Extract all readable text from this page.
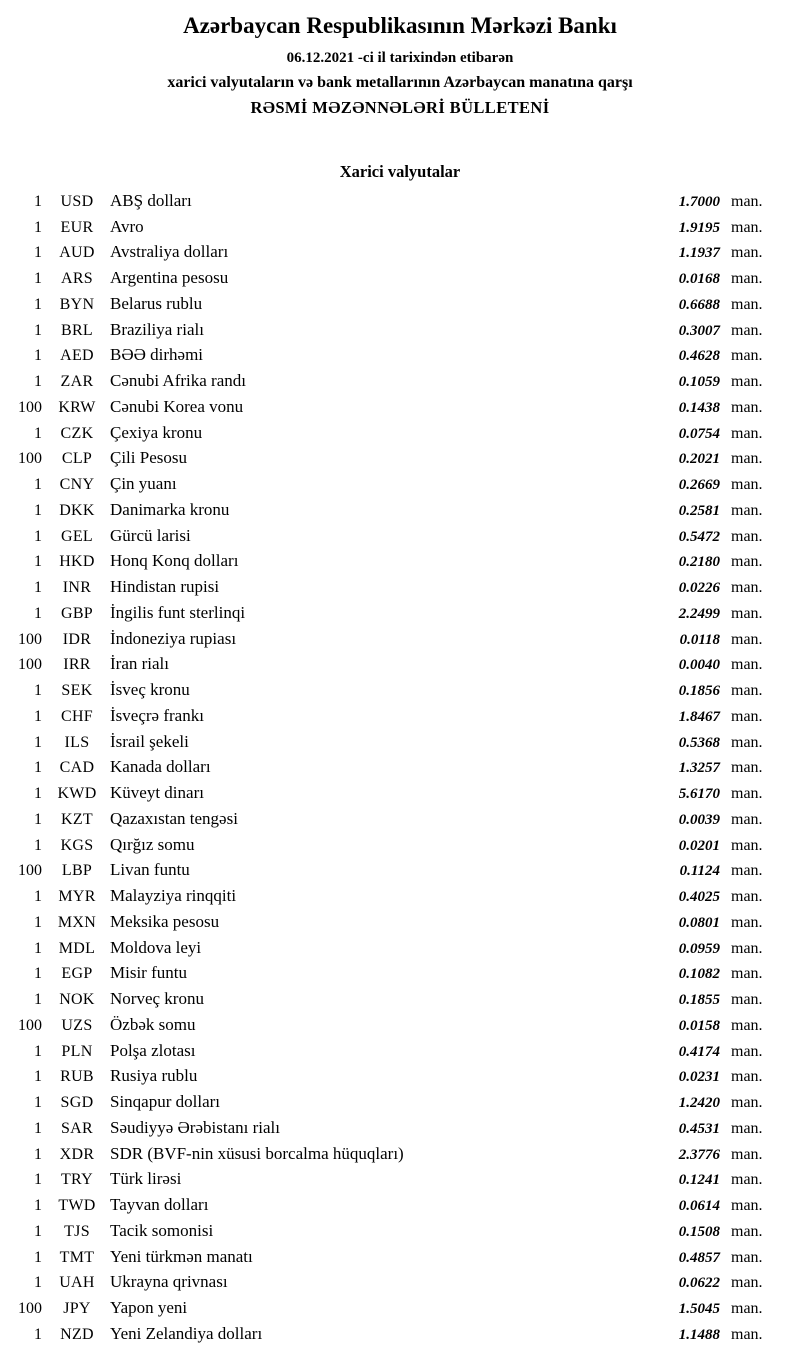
Azərbaycan Respublikasının Mərkəzi Bankı
06.12.2021 -ci il tarixindən etibarən
xarici valyutaların və bank metallarının Azərbaycan manatına qarşı
RƏSMİ MƏZƏNNƏLƏRİ BÜLLETENİ
Xarici valyutalar
1	USD ABŞ dolları	1.7000 man.
1	EUR Avro	1.9195 man.
1	AUD Avstraliya dolları	1.1937 man.
1	ARS Argentina pesosu	0.0168 man.
1	BYN Belarus rublu	0.6688 man.
1	BRL Braziliya rialı	0.3007 man.
1	AED BƏƏ dirhəmi	0.4628 man.
1	ZAR Cənubi Afrika randı	0.1059 man.
100	KRW Cənubi Korea vonu	0.1438 man.
1	CZK Çexiya kronu	0.0754 man.
100	CLP	Çili Pesosu	0.2021 man.
1	CNY Çin yuanı	0.2669 man.
1	DKK Danimarka kronu	0.2581 man.
1	GEL	Gürcü larisi	0.5472 man.
1	HKD Honq Konq dolları	0.2180 man.
1	INR	Hindistan rupisi	0.0226 man.
1	GBP İngilis funt sterlinqi	2.2499 man.
100	IDR	İndoneziya rupiası	0.0118 man.
100	IRR	İran rialı	0.0040 man.
1	SEK	İsveç kronu	0.1856 man.
1	CHF İsveçrə frankı	1.8467 man.
1	ILS	İsrail şekeli	0.5368 man.
1	CAD Kanada dolları	1.3257 man.
1 KWD Küveyt dinarı	5.6170 man.
1	KZT	Qazaxıstan tengəsi	0.0039 man.
1	KGS Qırğız somu	0.0201 man.
100	LBP	Livan funtu	0.1124 man.
1	MYR Malayziya rinqqiti	0.4025 man.
1 MXN Meksika pesosu	0.0801 man.
1	MDL Moldova leyi	0.0959 man.
1	EGP	Misir funtu	0.1082 man.
1	NOK Norveç kronu	0.1855 man.
100	UZS	Özbək somu	0.0158 man.
1	PLN	Polşa zlotası	0.4174 man.
1	RUB Rusiya rublu	0.0231 man.
1	SGD Sinqapur dolları	1.2420 man.
1	SAR Səudiyyə Ərəbistanı rialı	0.4531 man.
1	XDR SDR (BVF-nin xüsusi borcalma hüquqları)	2.3776 man.
1	TRY Türk lirəsi	0.1241 man.
1	TWD Tayvan dolları	0.0614 man.
1	TJS	Tacik somonisi	0.1508 man.
1	TMT Yeni türkmən manatı	0.4857 man.
1	UAH Ukrayna qrivnası	0.0622 man.
100	JPY	Yapon yeni	1.5045 man.
1	NZD Yeni Zelandiya dolları	1.1488 man.
